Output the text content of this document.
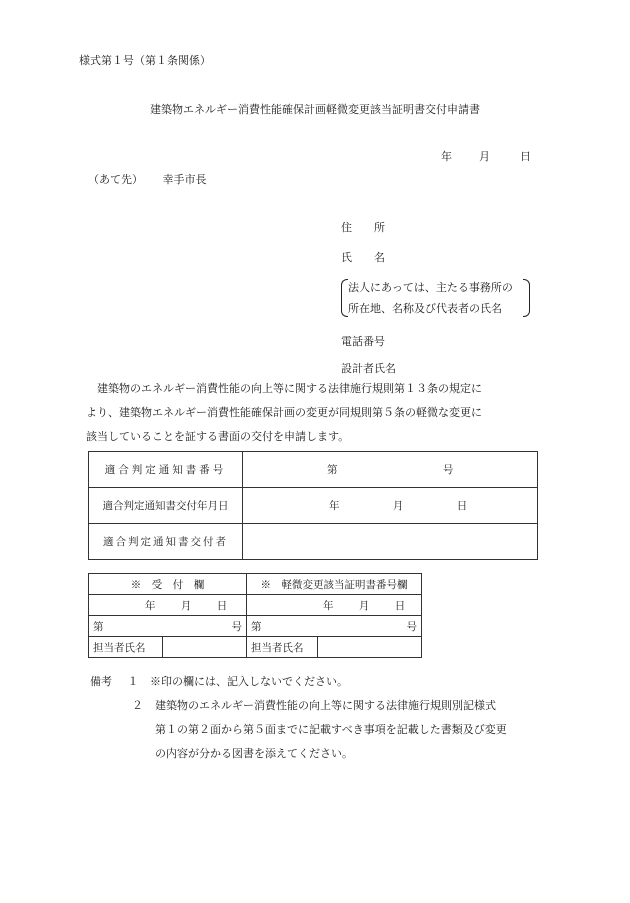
様式第１号（第１条関係）
建築物エネルギー消費性能確保計画軽微変更該当証明書交付申請書
年 月	日
（あて先） 幸手市長
住　　所
氏　　名
法人にあっては、主たる事務所の
所在地、名称及び代表者の氏名
電話番号
設計者氏名

　建築物のエネルギー消費性能の向上等に関する法律施行規則第１３条の規定に

より、建築物エネルギー消費性能確保計画の変更が同規則第５条の軽微な変更に

該当していることを証する書面の交付を申請します。

適合判定通知書番号	第 号
適合判定通知書交付年月日	年 月 日
適合判定通知書交付者	
※　受　付　欄		※　軽微変更該当証明書番号欄	
年 月 日		年 月 日	
第 号		第 号	

担当者氏名		担当者氏名	
備考 １ ※印の欄には、記入しないでください。
２ 建築物のエネルギー消費性能の向上等に関する法律施行規則別記様式
第１の第２面から第５面までに記載すべき事項を記載した書類及び変更
の内容が分かる図書を添えてください。
